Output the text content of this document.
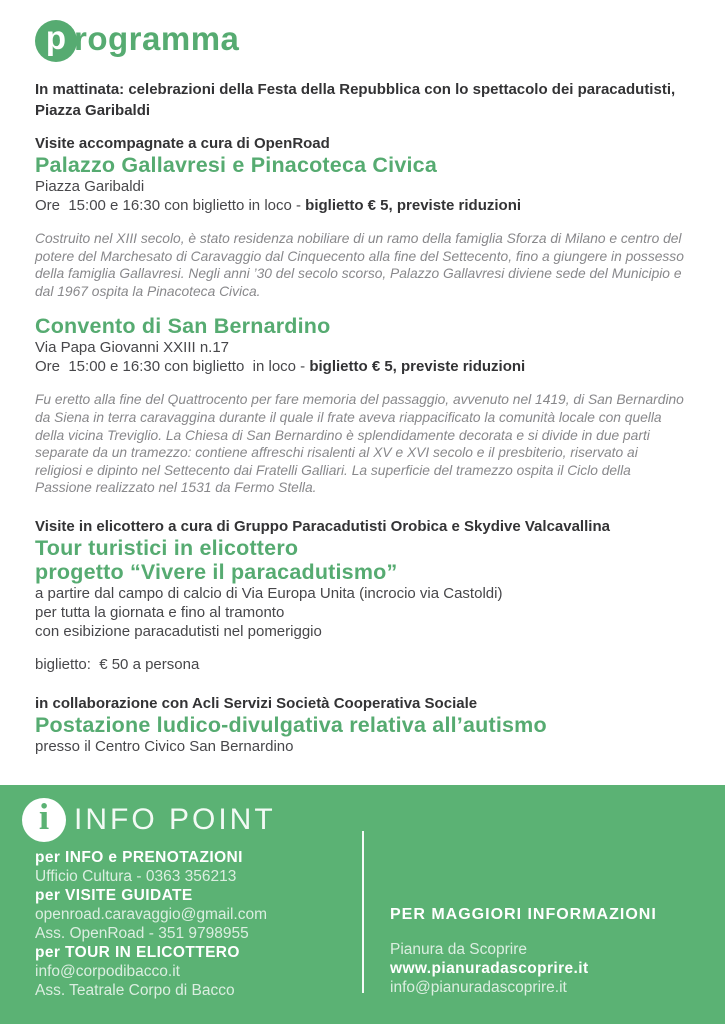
p rogramma

In mattinata: celebrazioni della Festa della Repubblica con lo spettacolo dei paracadutisti, Piazza Garibaldi

Visite accompagnate a cura di OpenRoad

Palazzo Gallavresi e Pinacoteca Civica

Piazza Garibaldi

Ore  15:00 e 16:30 con biglietto in loco - biglietto € 5, previste riduzioni

Costruito nel XIII secolo, è stato residenza nobiliare di un ramo della famiglia Sforza di Milano e centro del potere del Marchesato di Caravaggio dal Cinquecento alla fine del Settecento, fino a giungere in possesso della famiglia Gallavresi. Negli anni ’30 del secolo scorso, Palazzo Gallavresi diviene sede del Municipio e dal 1967 ospita la Pinacoteca Civica.

Convento di San Bernardino

Via Papa Giovanni XXIII n.17

Ore  15:00 e 16:30 con biglietto  in loco - biglietto € 5, previste riduzioni

Fu eretto alla fine del Quattrocento per fare memoria del passaggio, avvenuto nel 1419, di San Bernardino da Siena in terra caravaggina durante il quale il frate aveva riappacificato la comunità locale con quella della vicina Treviglio. La Chiesa di San Bernardino è splendidamente decorata e si divide in due parti separate da un tramezzo: contiene affreschi risalenti al XV e XVI secolo e il presbiterio, riservato ai religiosi e dipinto nel Settecento dai Fratelli Galliari. La superficie del tramezzo ospita il Ciclo della Passione realizzato nel 1531 da Fermo Stella.

Visite in elicottero a cura di Gruppo Paracadutisti Orobica e Skydive Valcavallina

Tour turistici in elicottero
progetto “Vivere il paracadutismo”

a partire dal campo di calcio di Via Europa Unita (incrocio via Castoldi)

per tutta la giornata e fino al tramonto

con esibizione paracadutisti nel pomeriggio

biglietto:  € 50 a persona

in collaborazione con Acli Servizi Società Cooperativa Sociale

Postazione ludico-divulgativa relativa all’autismo

presso il Centro Civico San Bernardino

i INFO POINT

per INFO e PRENOTAZIONI

Ufficio Cultura - 0363 356213

per VISITE GUIDATE

openroad.caravaggio@gmail.com

Ass. OpenRoad - 351 9798955

per TOUR IN ELICOTTERO

info@corpodibacco.it

Ass. Teatrale Corpo di Bacco

PER MAGGIORI INFORMAZIONI

Pianura da Scoprire

www.pianuradascoprire.it

info@pianuradascoprire.it
